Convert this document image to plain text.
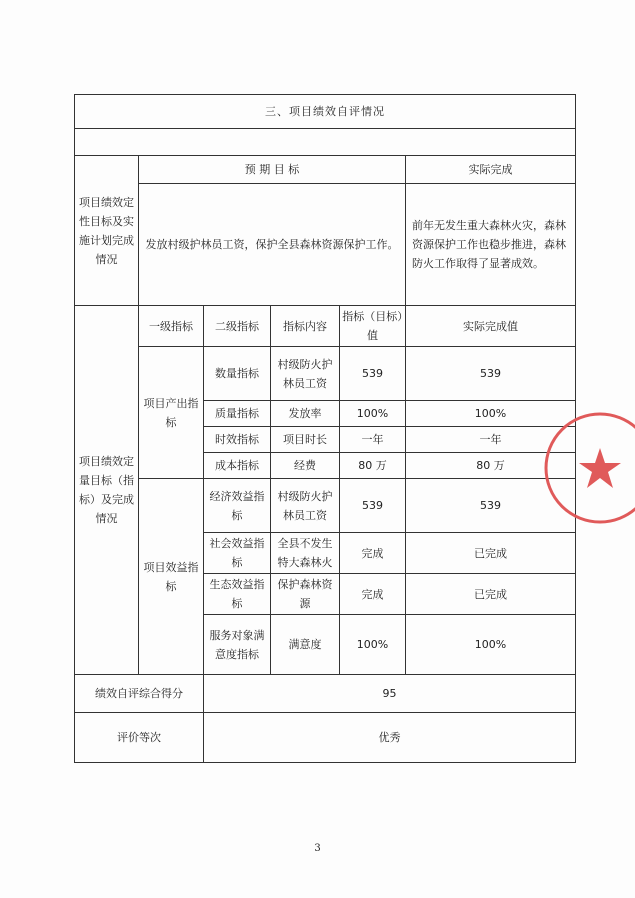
三、项目绩效自评情况					

项目绩效定性目标及实施计划完成情况	预 期 目 标				实际完成
	发放村级护林员工资，保护全县森林资源保护工作。				前年无发生重大森林火灾，森林资源保护工作也稳步推进，森林防火工作取得了显著成效。
项目绩效定量目标（指标）及完成情况	一级指标	二级指标	指标内容	指标（目标）值	实际完成值
	项目产出指标	数量指标	村级防火护林员工资	539	539
		质量指标	发放率	100%	100%
		时效指标	项目时长	一年	一年
		成本指标	经费	80 万	80 万
	项目效益指标	经济效益指标	村级防火护林员工资	539	539
		社会效益指标	全县不发生特大森林火	完成	已完成
		生态效益指标	保护森林资源	完成	已完成
		服务对象满意度指标	满意度	100%	100%
绩效自评综合得分		95			
评价等次		优秀			
3
